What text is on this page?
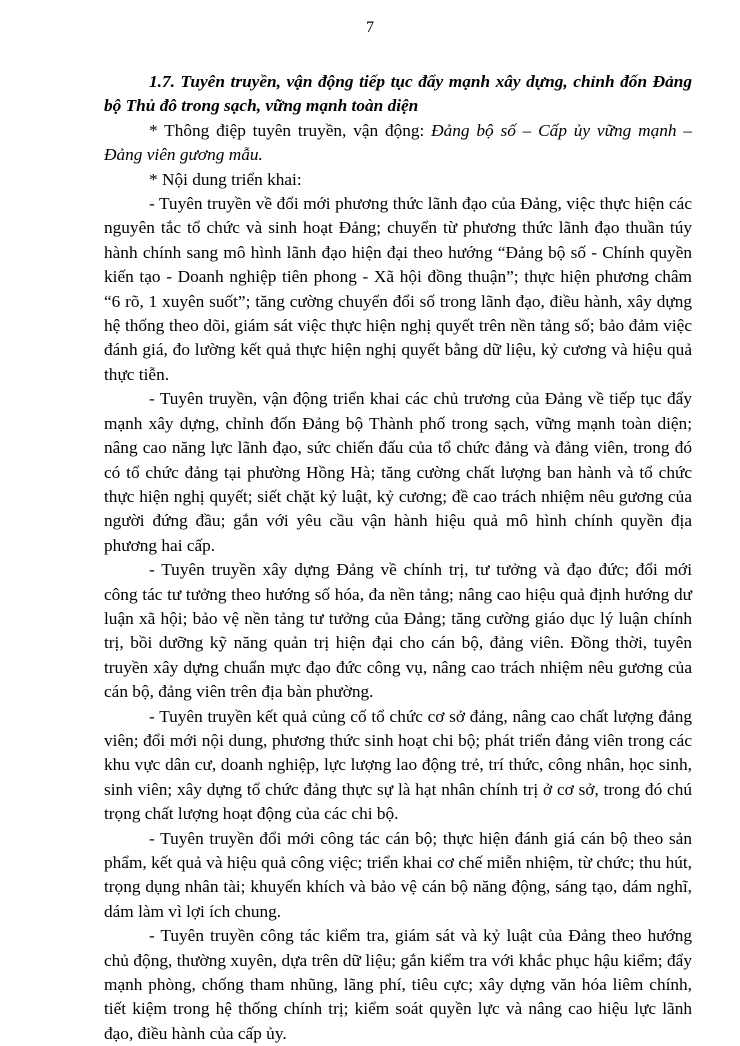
7

1.7. Tuyên truyền, vận động tiếp tục đẩy mạnh xây dựng, chỉnh đốn Đảng bộ Thủ đô trong sạch, vững mạnh toàn diện

* Thông điệp tuyên truyền, vận động: Đảng bộ số – Cấp ủy vững mạnh – Đảng viên gương mẫu.

* Nội dung triển khai:

- Tuyên truyền về đổi mới phương thức lãnh đạo của Đảng, việc thực hiện các nguyên tắc tổ chức và sinh hoạt Đảng; chuyển từ phương thức lãnh đạo thuần túy hành chính sang mô hình lãnh đạo hiện đại theo hướng “Đảng bộ số - Chính quyền kiến tạo - Doanh nghiệp tiên phong - Xã hội đồng thuận”; thực hiện phương châm “6 rõ, 1 xuyên suốt”; tăng cường chuyển đổi số trong lãnh đạo, điều hành, xây dựng hệ thống theo dõi, giám sát việc thực hiện nghị quyết trên nền tảng số; bảo đảm việc đánh giá, đo lường kết quả thực hiện nghị quyết bằng dữ liệu, kỷ cương và hiệu quả thực tiễn.

- Tuyên truyền, vận động triển khai các chủ trương của Đảng về tiếp tục đẩy mạnh xây dựng, chỉnh đốn Đảng bộ Thành phố trong sạch, vững mạnh toàn diện; nâng cao năng lực lãnh đạo, sức chiến đấu của tổ chức đảng và đảng viên, trong đó có tổ chức đảng tại phường Hồng Hà; tăng cường chất lượng ban hành và tổ chức thực hiện nghị quyết; siết chặt kỷ luật, kỷ cương; đề cao trách nhiệm nêu gương của người đứng đầu; gắn với yêu cầu vận hành hiệu quả mô hình chính quyền địa phương hai cấp.

- Tuyên truyền xây dựng Đảng về chính trị, tư tưởng và đạo đức; đổi mới công tác tư tưởng theo hướng số hóa, đa nền tảng; nâng cao hiệu quả định hướng dư luận xã hội; bảo vệ nền tảng tư tưởng của Đảng; tăng cường giáo dục lý luận chính trị, bồi dưỡng kỹ năng quản trị hiện đại cho cán bộ, đảng viên. Đồng thời, tuyên truyền xây dựng chuẩn mực đạo đức công vụ, nâng cao trách nhiệm nêu gương của cán bộ, đảng viên trên địa bàn phường.

- Tuyên truyền kết quả củng cố tổ chức cơ sở đảng, nâng cao chất lượng đảng viên; đổi mới nội dung, phương thức sinh hoạt chi bộ; phát triển đảng viên trong các khu vực dân cư, doanh nghiệp, lực lượng lao động trẻ, trí thức, công nhân, học sinh, sinh viên; xây dựng tổ chức đảng thực sự là hạt nhân chính trị ở cơ sở, trong đó chú trọng chất lượng hoạt động của các chi bộ.

- Tuyên truyền đổi mới công tác cán bộ; thực hiện đánh giá cán bộ theo sản phẩm, kết quả và hiệu quả công việc; triển khai cơ chế miễn nhiệm, từ chức; thu hút, trọng dụng nhân tài; khuyến khích và bảo vệ cán bộ năng động, sáng tạo, dám nghĩ, dám làm vì lợi ích chung.

- Tuyên truyền công tác kiểm tra, giám sát và kỷ luật của Đảng theo hướng chủ động, thường xuyên, dựa trên dữ liệu; gắn kiểm tra với khắc phục hậu kiểm; đẩy mạnh phòng, chống tham nhũng, lãng phí, tiêu cực; xây dựng văn hóa liêm chính, tiết kiệm trong hệ thống chính trị; kiểm soát quyền lực và nâng cao hiệu lực lãnh đạo, điều hành của cấp ủy.
